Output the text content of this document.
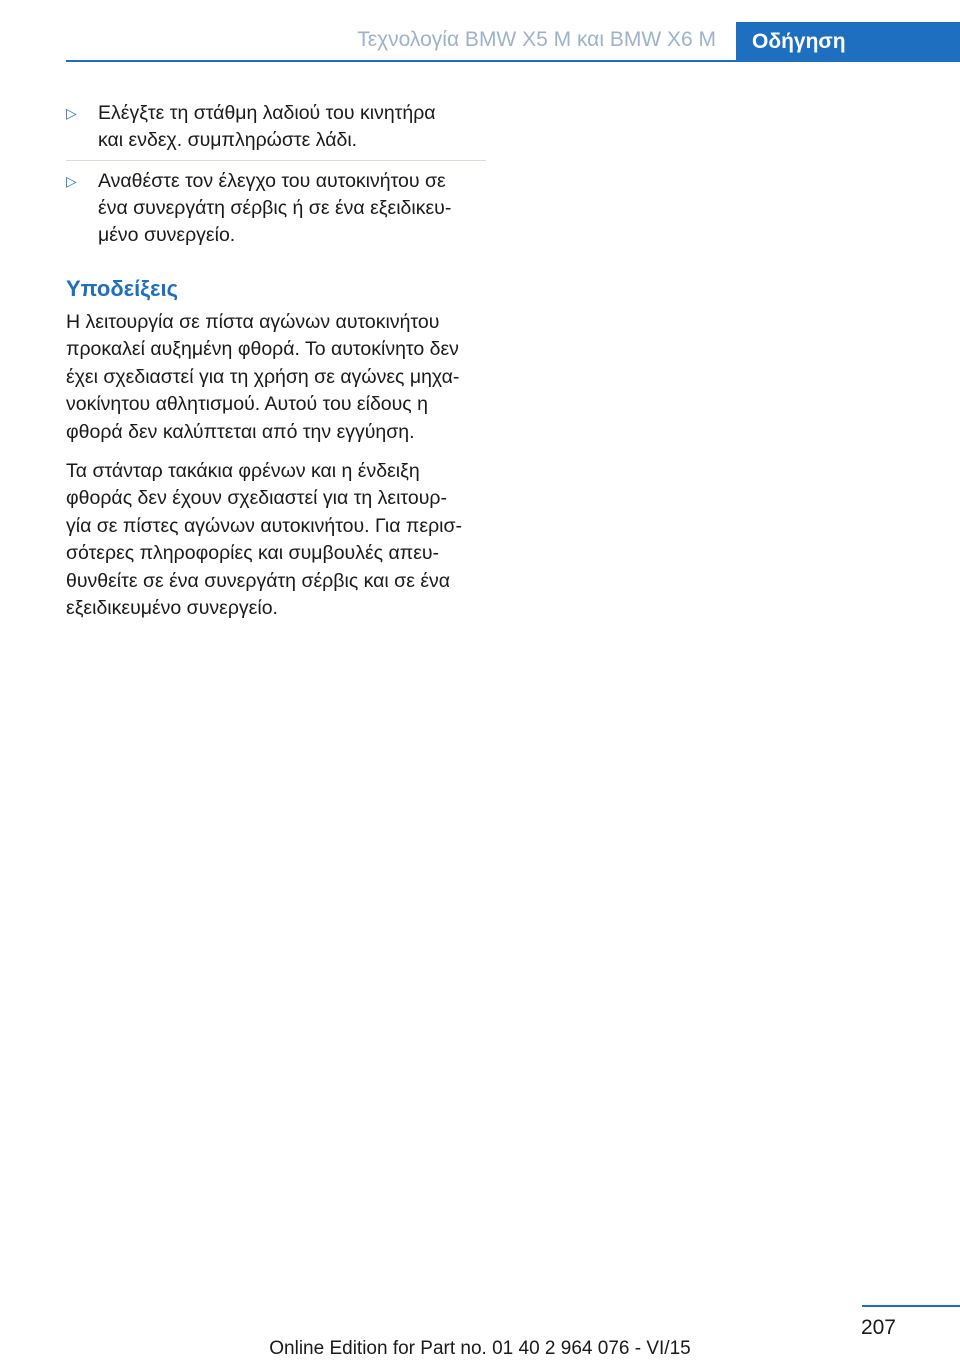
Τεχνολογία BMW X5 M και BMW X6 M	Οδήγηση
▷ Ελέγξτε τη στάθμη λαδιού του κινητήρα
και ενδεχ. συμπληρώστε λάδι.
▷ Αναθέστε τον έλεγχο του αυτοκινήτου σε
ένα συνεργάτη σέρβις ή σε ένα εξειδικευ‐
μένο συνεργείο.
Υποδείξεις
Η λειτουργία σε πίστα αγώνων αυτοκινήτου
προκαλεί αυξημένη φθορά. Το αυτοκίνητο δεν
έχει σχεδιαστεί για τη χρήση σε αγώνες μηχα‐
νοκίνητου αθλητισμού. Αυτού του είδους η
φθορά δεν καλύπτεται από την εγγύηση.
Τα στάνταρ τακάκια φρένων και η ένδειξη
φθοράς δεν έχουν σχεδιαστεί για τη λειτουρ‐
γία σε πίστες αγώνων αυτοκινήτου. Για περισ‐
σότερες πληροφορίες και συμβουλές απευ‐
θυνθείτε σε ένα συνεργάτη σέρβις και σε ένα
εξειδικευμένο συνεργείο.
207
Online Edition for Part no. 01 40 2 964 076 - VI/15
